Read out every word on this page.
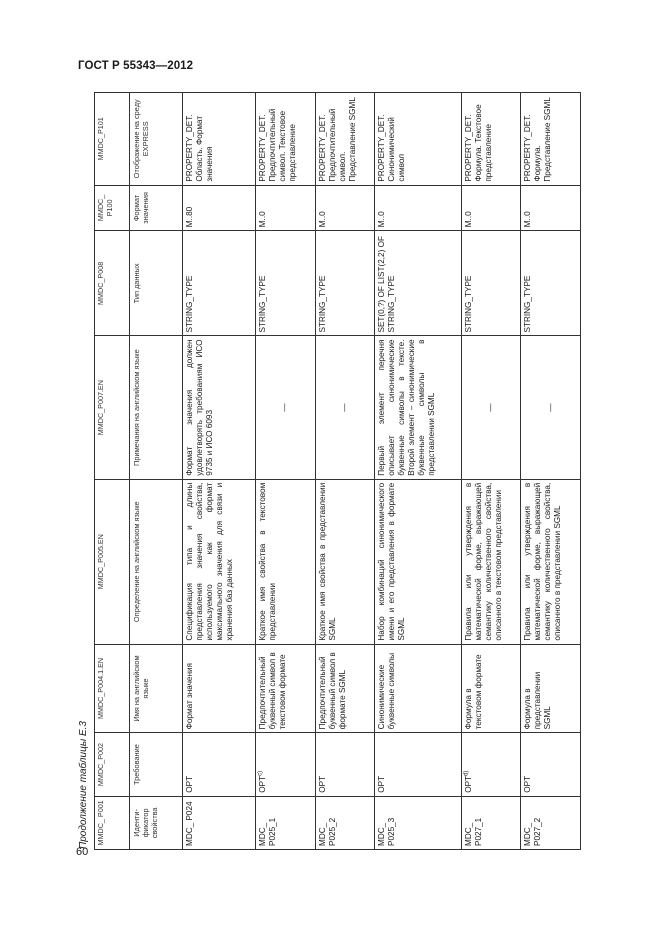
ГОСТ Р 55343—2012
60
Продолжение таблицы Е.3 MMDC_ P001	MMDC_P002	MMDC_P004.1.EN	MMDC_P005.EN	MMDC_P007.EN	MMDC_P008	MMDC_ P100	MMDC_P101
Иденти- фикатор свойства	Требование	Имя на английском языке	Определение на английском языке	Примечания на английском языке	Тип данных	Формат значения	Отображение на среду EXPRESS
MDC_ P024	OPT	Формат значения	Спецификация типа и длины представления значения свойства, используемого как формат максимального значения для связи и хранения баз данных	Формат значения должен удовлетворять требованиям ИСО 9735 и ИСО 6093	STRING_TYPE	M..80	PROPERTY_DET. Область. Формат значения
MDC_ P025_1	OPT$^{c)}$	Предпочтительный буквенный символ в текстовом формате	Краткое имя свойства в текстовом представлении	—	STRING_TYPE	M..0	PROPERTY_DET. Предпочтительный символ. Текстовое представление
MDC_ P025_2	OPT	Предпочтительный буквенный символ в формате SGML	Краткое имя свойства в представлении SGML	—	STRING_TYPE	M..0	PROPERTY_DET. Предпочтительный символ. Представление SGML
MDC_ P025_3	OPT	Синонимические буквенные символы	Набор комбинаций синонимического имени и его представления в формате SGML	Первый элемент перечня описывает синонимические буквенные символы в тексте. Второй элемент – синонимические буквенные символы в представлении SGML	SET(0,?) OF LIST(2,2) OF STRING_TYPE	M..0	PROPERTY_DET. Синонимический символ
MDC_ P027_1	OPT$^{d)}$	Формула в текстовом формате	Правила или утверждения в математической форме, выражающей семантику количественного свойства, описанного в текстовом представлении	—	STRING_TYPE	M..0	PROPERTY_DET. Формула. Текстовое представление
MDC_ P027_2	OPT	Формула в представлении SGML	Правила или утверждения в математической форме, выражающей семантику количественного свойства, описанного в представлении SGML	—	STRING_TYPE	M..0	PROPERTY_DET. Формула. Представление SGML
